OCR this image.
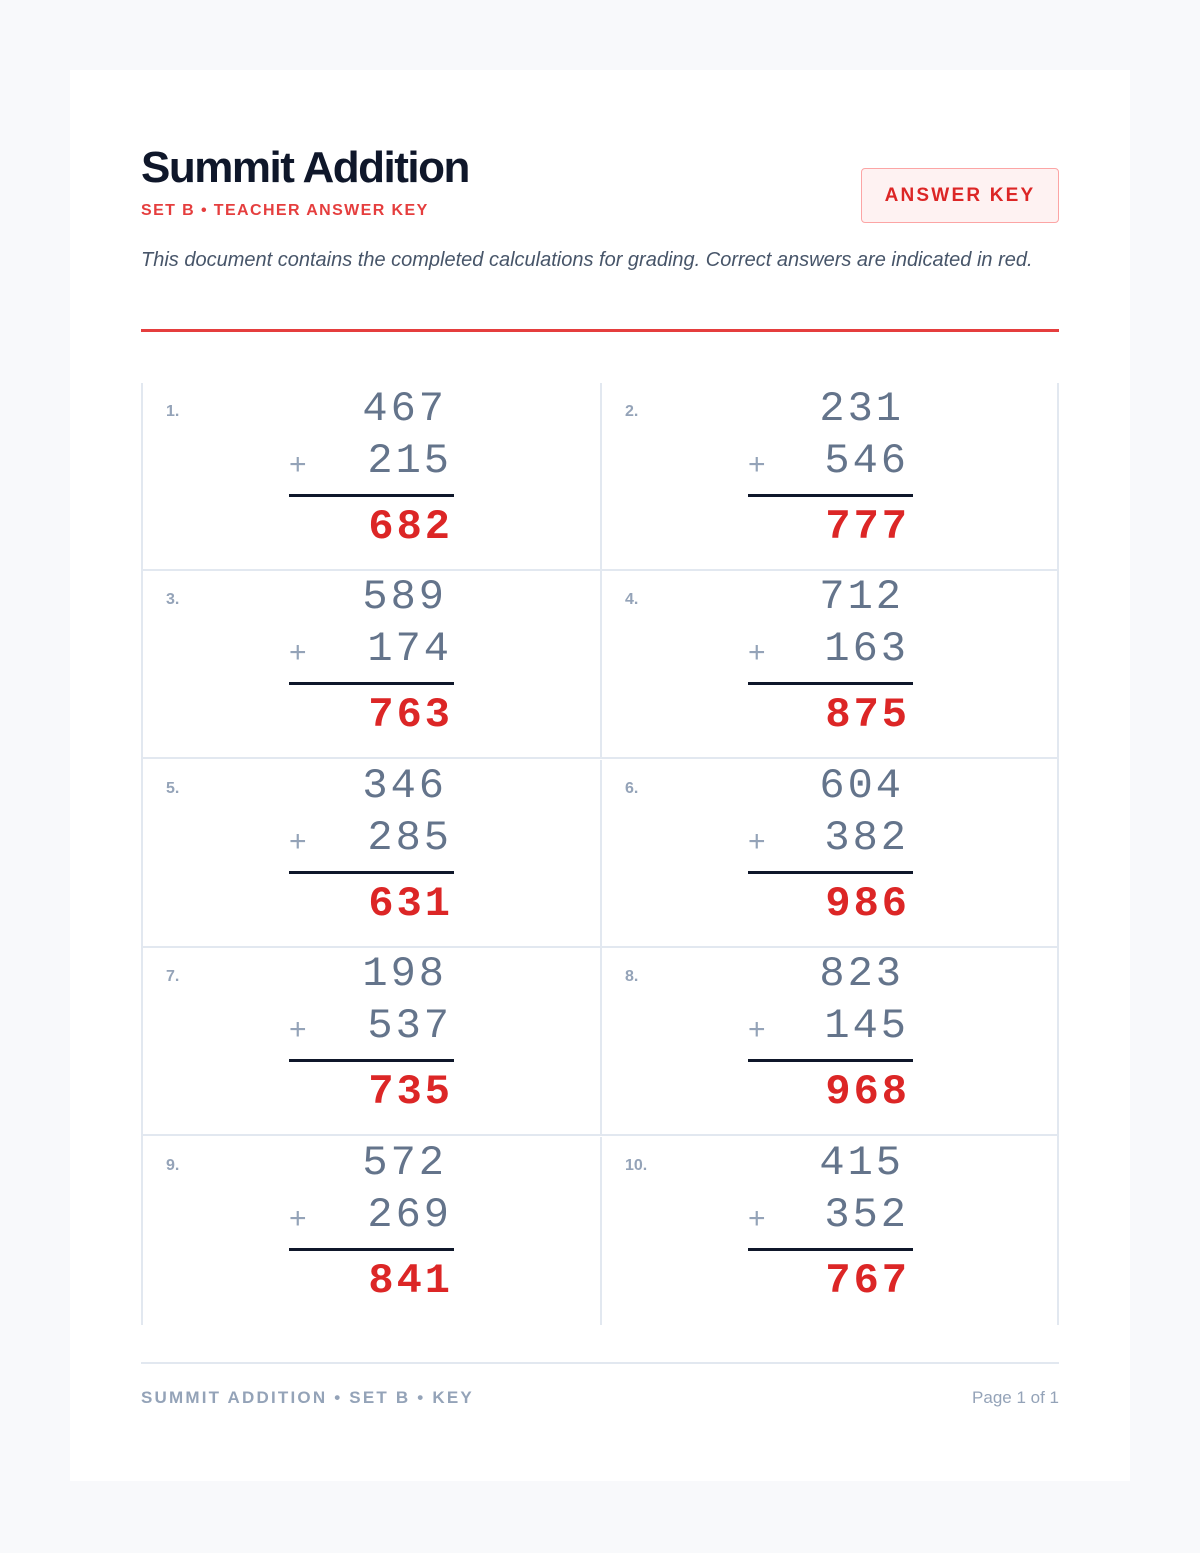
Summit Addition
SET B • TEACHER ANSWER KEY
ANSWER KEY
This document contains the completed calculations for grading. Correct answers are indicated in red.
1.	467
+ 215
682
2.	231
+ 546
777
3.	589
+ 174
763
4.	712
+ 163
875
5.	346
+ 285
631
6.	604
+ 382
986
7.	198
+ 537
735
8.	823
+ 145
968
9.	572
+ 269
841
10.	415
+ 352
767
SUMMIT ADDITION • SET B • KEY	Page 1 of 1
